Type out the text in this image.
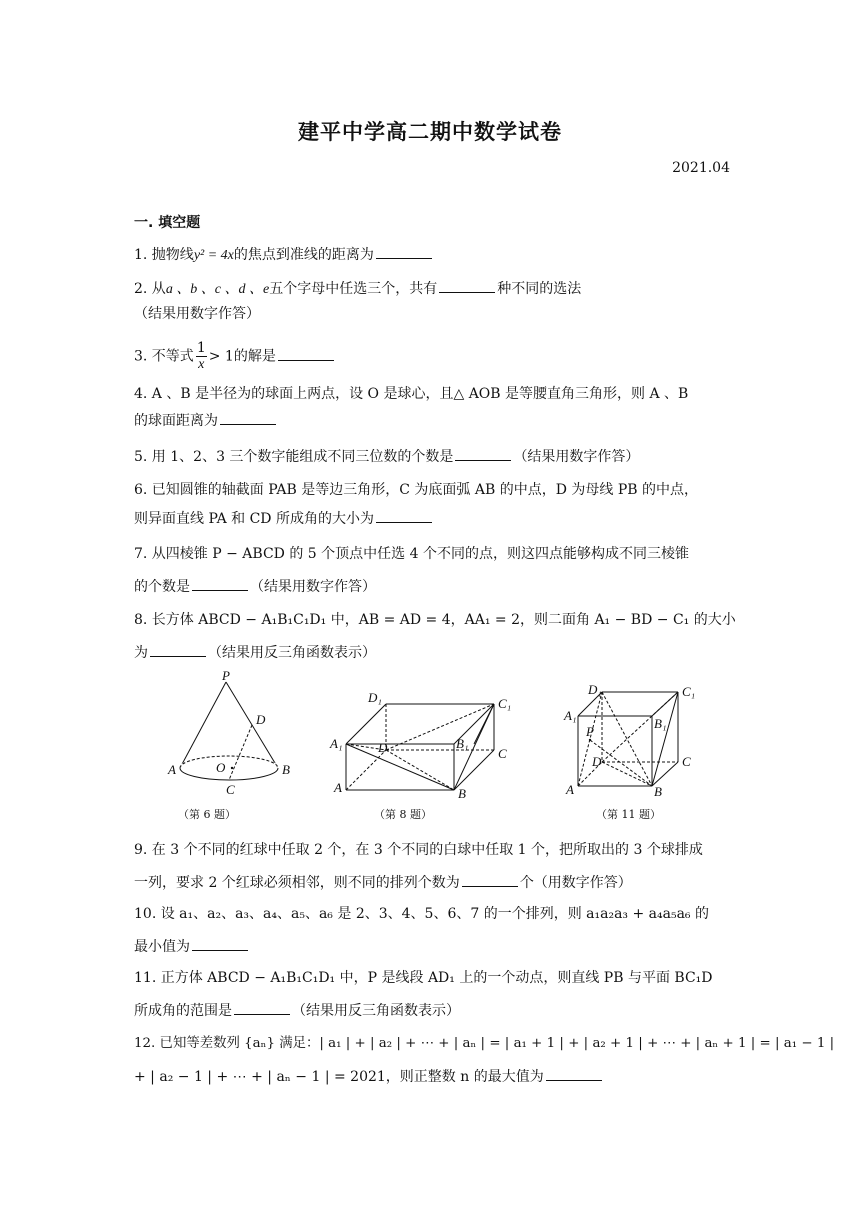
建平中学高二期中数学试卷
2021.04
一. 填空题
1. 抛物线y² = 4x的焦点到准线的距离为
2. 从a 、b 、c 、d 、e五个字母中任选三个，共有	种不同的选法
（结果用数字作答）
3. 不等式 $\frac{1}{x} > 1$的解是
4. A 、B 是半径为的球面上两点，设 O 是球心，且△ AOB 是等腰直角三角形，则 A 、B
的球面距离为
5. 用 1、2、3 三个数字能组成不同三位数的个数是	（结果用数字作答）
6. 已知圆锥的轴截面 PAB 是等边三角形，C 为底面弧 AB 的中点，D 为母线 PB 的中点，
则异面直线 PA 和 CD 所成角的大小为
7. 从四棱锥 P − ABCD 的 5 个顶点中任选 4 个不同的点，则这四点能够构成不同三棱锥
的个数是	（结果用数字作答）
8. 长方体 ABCD − A₁B₁C₁D₁ 中，AB = AD = 4，AA₁ = 2，则二面角 A₁ − BD − C₁ 的大小
为	（结果用反三角函数表示）
P
D
A	O	B
C
（第 6 题）
D₁	C₁
A₁	B₁
D	C
A	B
（第 8 题）
D₁	C₁
A₁
B₁
P
D	C
A	B
（第 11 题）
9. 在 3 个不同的红球中任取 2 个，在 3 个不同的白球中任取 1 个，把所取出的 3 个球排成
一列，要求 2 个红球必须相邻，则不同的排列个数为	个（用数字作答）
10. 设 a₁、a₂、a₃、a₄、a₅、a₆ 是 2、3、4、5、6、7 的一个排列，则 a₁a₂a₃ + a₄a₅a₆ 的
最小值为
11. 正方体 ABCD − A₁B₁C₁D₁ 中，P 是线段 AD₁ 上的一个动点，则直线 PB 与平面 BC₁D
所成角的范围是	（结果用反三角函数表示）
12. 已知等差数列 {aₙ} 满足：| a₁ | + | a₂ | + ⋯ + | aₙ | = | a₁ + 1 | + | a₂ + 1 | + ⋯ + | aₙ + 1 | = | a₁ − 1 |
+ | a₂ − 1 | + ⋯ + | aₙ − 1 | = 2021，则正整数 n 的最大值为
